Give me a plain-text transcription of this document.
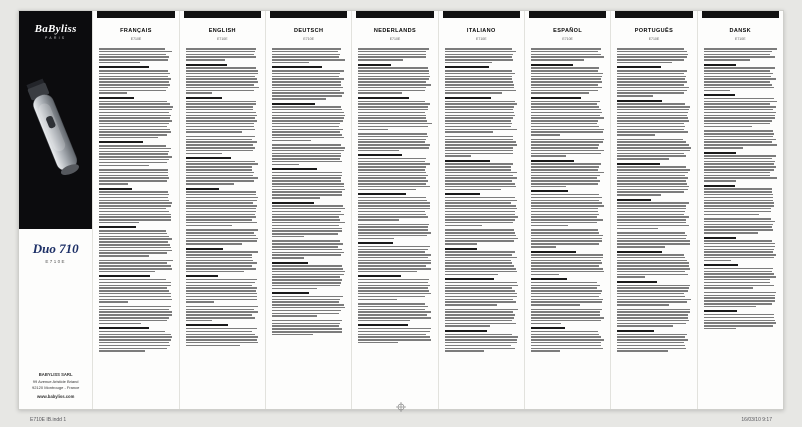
BaByliss
PARIS
Duo 710
E710E
BABYLISS SARL
99 Avenue Aristide Briand
92120 Montrouge - France
www.babyliss.com
FRANÇAIS
E710E
ENGLISH
E710E
DEUTSCH
E710E
NEDERLANDS
E710E
ITALIANO
E710E
ESPAÑOL
E710E
PORTUGUÊS
E710E
DANSK
E710E
E710E IB.indd 1	16/03/10 9:17
